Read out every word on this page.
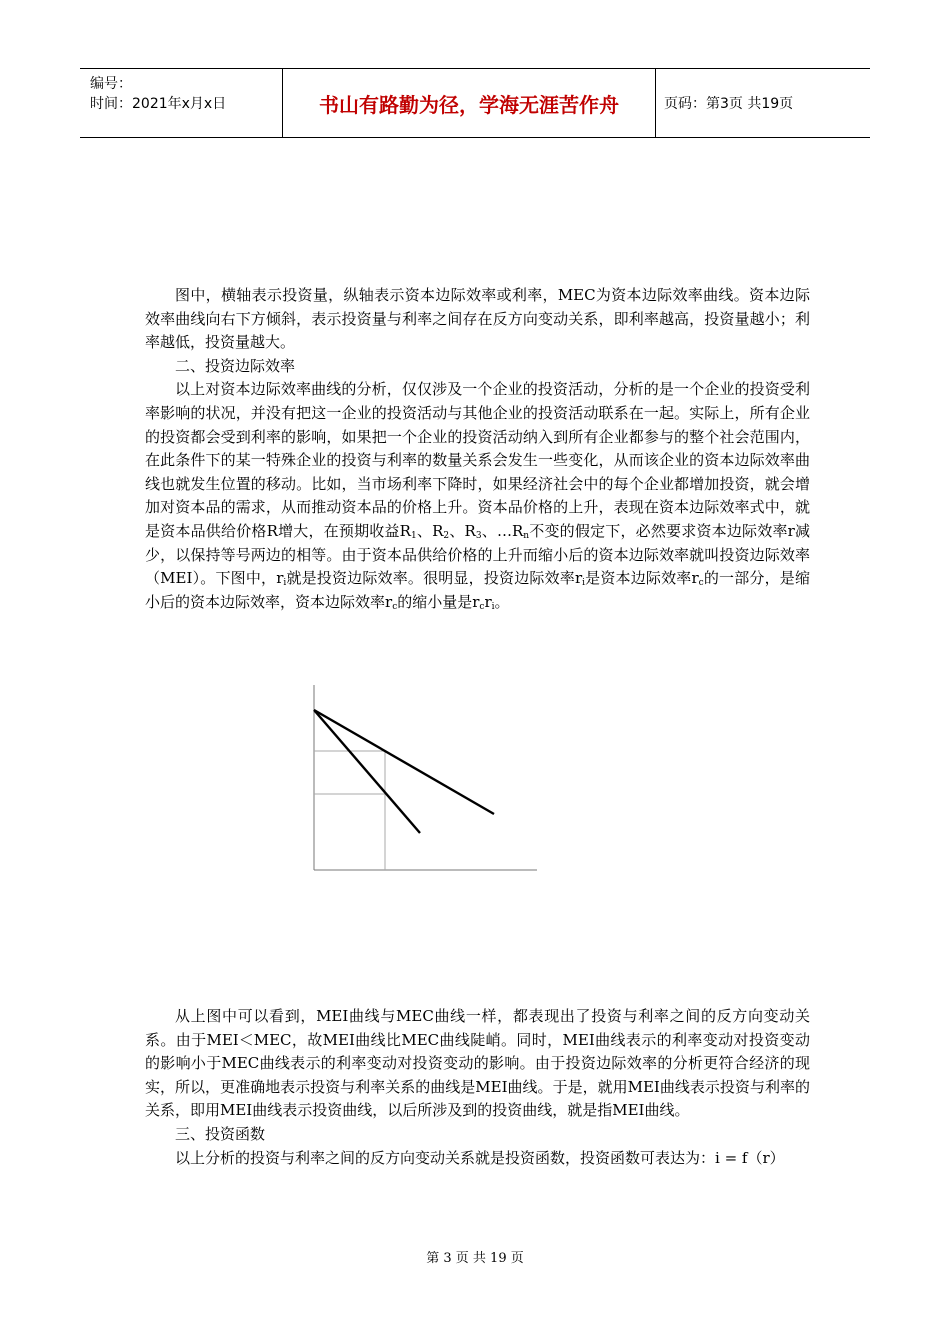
编号：
时间：2021年x月x日	书山有路勤为径，学海无涯苦作舟	页码：第3页 共19页

图中，横轴表示投资量，纵轴表示资本边际效率或利率，MEC为资本边际效率曲线。资本边际效率曲线向右下方倾斜，表示投资量与利率之间存在反方向变动关系，即利率越高，投资量越小；利率越低，投资量越大。

二、投资边际效率

以上对资本边际效率曲线的分析，仅仅涉及一个企业的投资活动，分析的是一个企业的投资受利率影响的状况，并没有把这一企业的投资活动与其他企业的投资活动联系在一起。实际上，所有企业的投资都会受到利率的影响，如果把一个企业的投资活动纳入到所有企业都参与的整个社会范围内，在此条件下的某一特殊企业的投资与利率的数量关系会发生一些变化，从而该企业的资本边际效率曲线也就发生位置的移动。比如，当市场利率下降时，如果经济社会中的每个企业都增加投资，就会增加对资本品的需求，从而推动资本品的价格上升。资本品价格的上升，表现在资本边际效率式中，就是资本品供给价格R增大，在预期收益$R_1$、$R_2$、$R_3$、$\dots R_n$不变的假定下，必然要求资本边际效率r减少，以保持等号两边的相等。由于资本品供给价格的上升而缩小后的资本边际效率就叫投资边际效率（MEI）。下图中，$r_i$就是投资边际效率。很明显，投资边际效率$r_i$是资本边际效率$r_c$的一部分，是缩小后的资本边际效率，资本边际效率$r_c$的缩小量是$r_cr_i$。

从上图中可以看到，MEI曲线与MEC曲线一样，都表现出了投资与利率之间的反方向变动关系。由于MEI＜MEC，故MEI曲线比MEC曲线陡峭。同时，MEI曲线表示的利率变动对投资变动的影响小于MEC曲线表示的利率变动对投资变动的影响。由于投资边际效率的分析更符合经济的现实，所以，更准确地表示投资与利率关系的曲线是MEI曲线。于是，就用MEI曲线表示投资与利率的关系，即用MEI曲线表示投资曲线，以后所涉及到的投资曲线，就是指MEI曲线。

三、投资函数

以上分析的投资与利率之间的反方向变动关系就是投资函数，投资函数可表达为：i = f（r）

第 3 页 共 19 页
